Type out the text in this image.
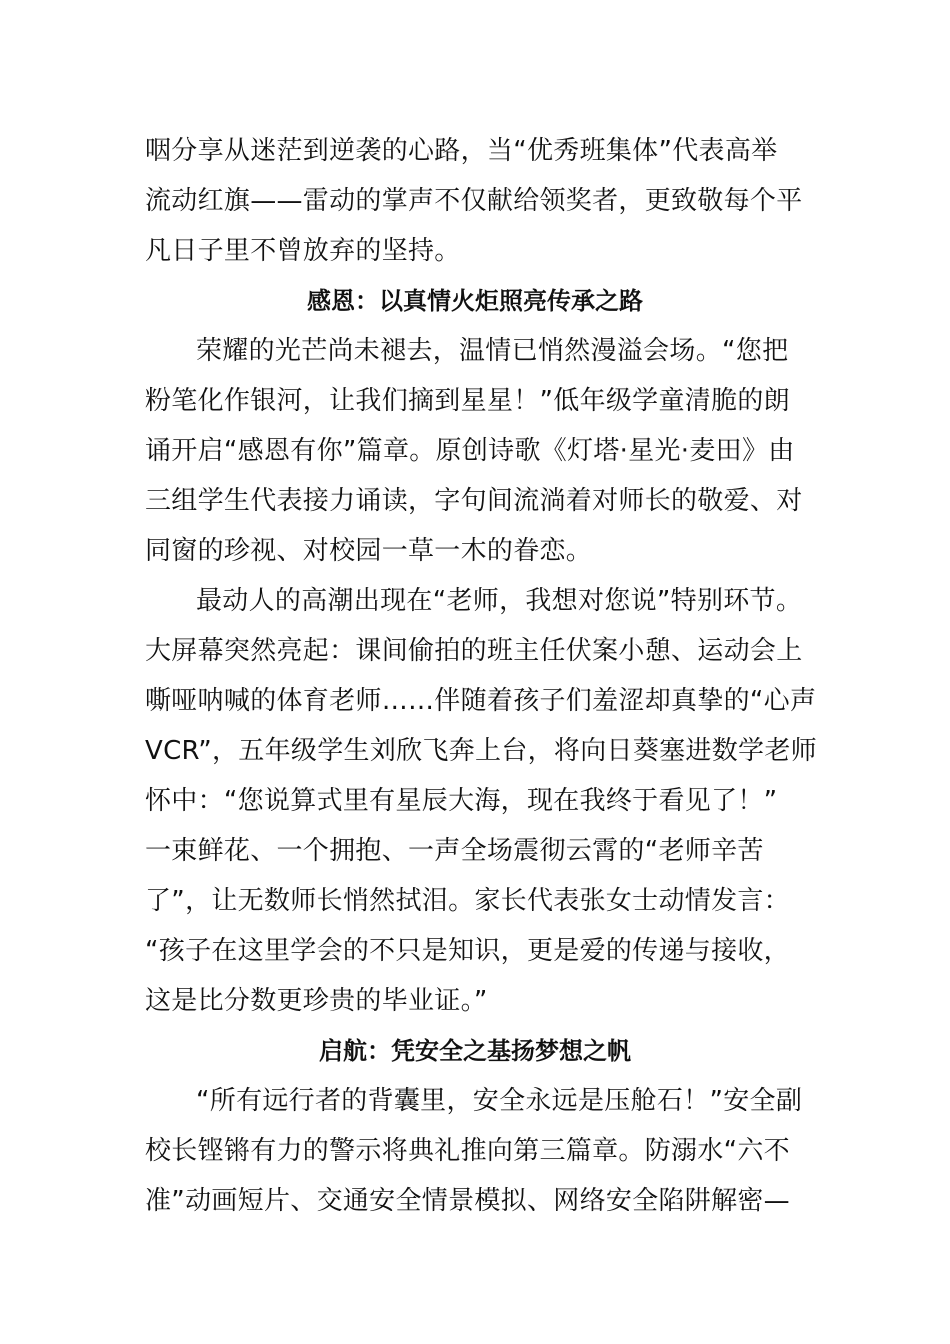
咽分享从迷茫到逆袭的心路，当“优秀班集体”代表高举
流动红旗——雷动的掌声不仅献给领奖者，更致敬每个平
凡日子里不曾放弃的坚持。
感恩：以真情火炬照亮传承之路
荣耀的光芒尚未褪去，温情已悄然漫溢会场。“您把
粉笔化作银河，让我们摘到星星！”低年级学童清脆的朗
诵开启“感恩有你”篇章。原创诗歌《灯塔·星光·麦田》由
三组学生代表接力诵读，字句间流淌着对师长的敬爱、对
同窗的珍视、对校园一草一木的眷恋。
最动人的高潮出现在“老师，我想对您说”特别环节。
大屏幕突然亮起：课间偷拍的班主任伏案小憩、运动会上
嘶哑呐喊的体育老师……伴随着孩子们羞涩却真挚的“心声
VCR”，五年级学生刘欣飞奔上台，将向日葵塞进数学老师
怀中：“您说算式里有星辰大海，现在我终于看见了！”
一束鲜花、一个拥抱、一声全场震彻云霄的“老师辛苦
了”，让无数师长悄然拭泪。家长代表张女士动情发言：
“孩子在这里学会的不只是知识，更是爱的传递与接收，
这是比分数更珍贵的毕业证。”
启航：凭安全之基扬梦想之帆
“所有远行者的背囊里，安全永远是压舱石！”安全副
校长铿锵有力的警示将典礼推向第三篇章。防溺水“六不
准”动画短片、交通安全情景模拟、网络安全陷阱解密—
